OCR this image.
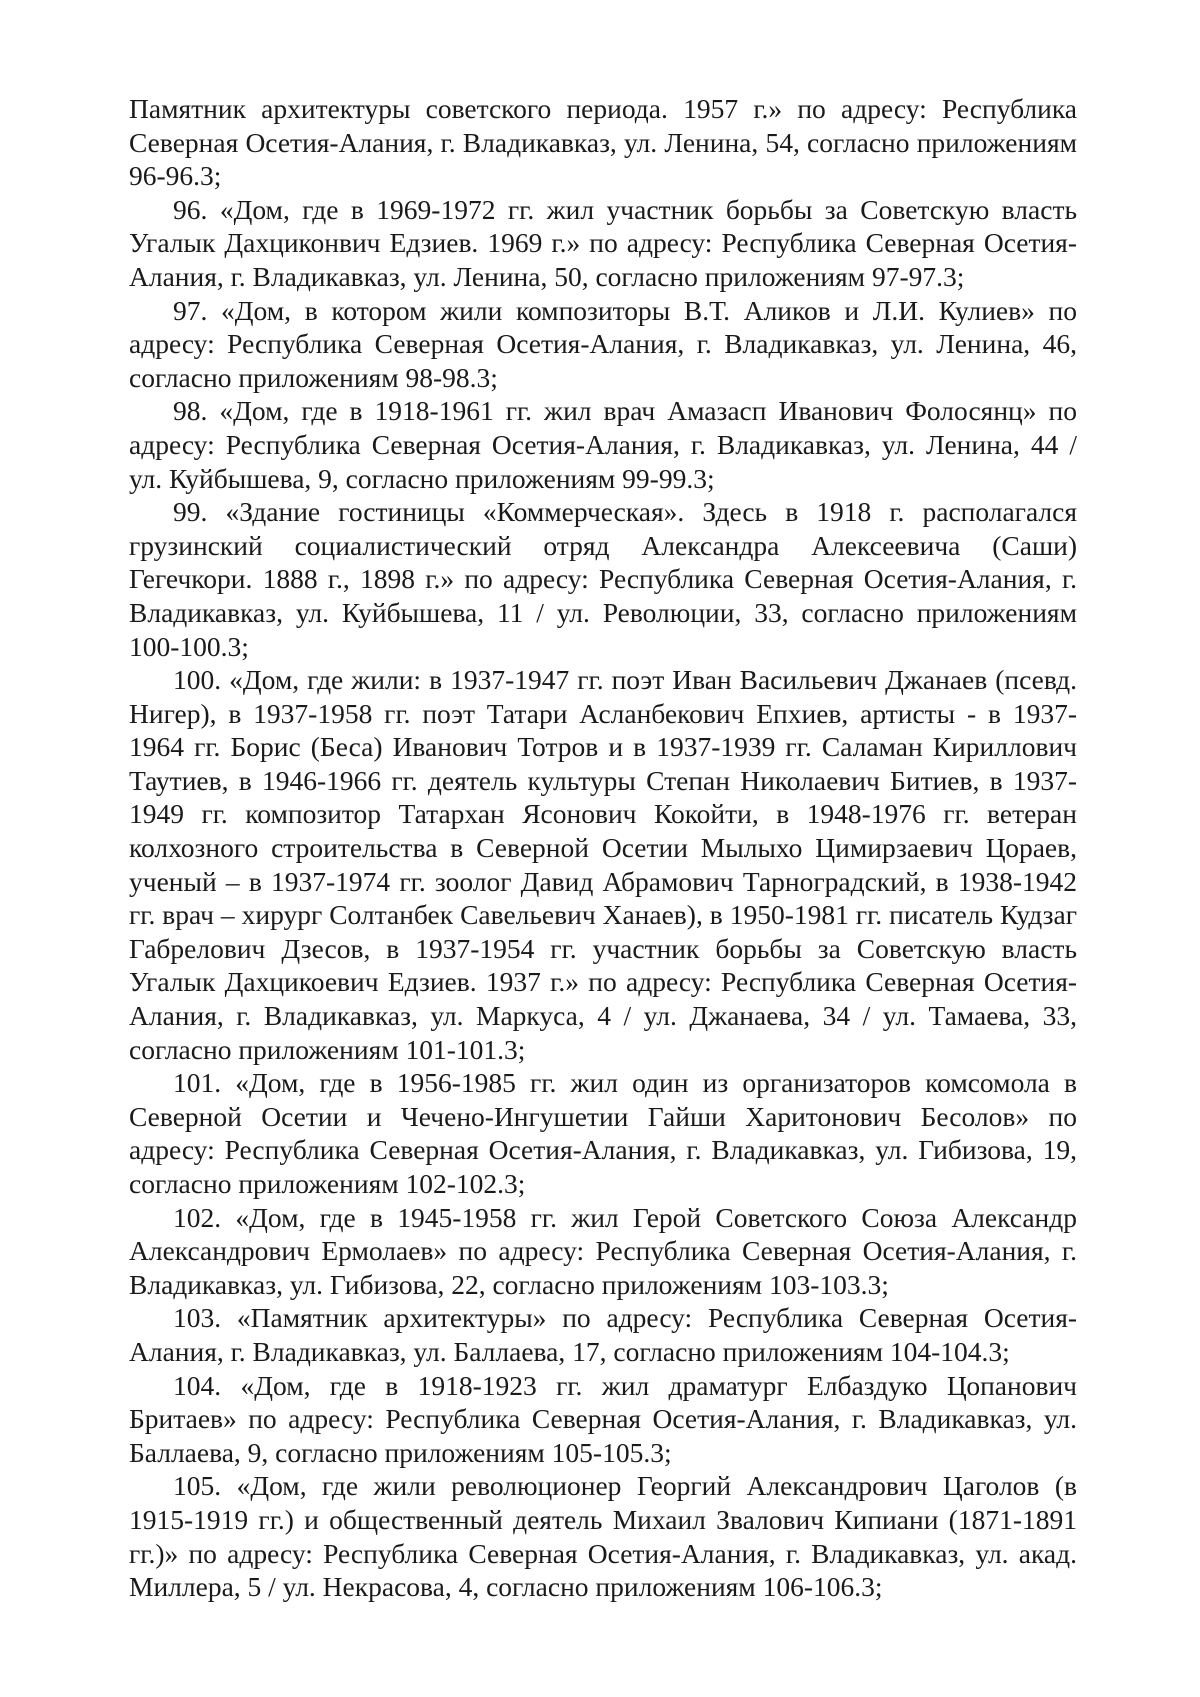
Памятник архитектуры советского периода. 1957 г.» по адресу: Республика Северная Осетия-Алания, г. Владикавказ, ул. Ленина, 54, согласно приложениям 96-96.3;

96. «Дом, где в 1969-1972 гг. жил участник борьбы за Советскую власть Угалык Дахциконвич Едзиев. 1969 г.» по адресу: Республика Северная Осетия-Алания, г. Владикавказ, ул. Ленина, 50, согласно приложениям 97-97.3;

97. «Дом, в котором жили композиторы В.Т. Аликов и Л.И. Кулиев» по адресу: Республика Северная Осетия-Алания, г. Владикавказ, ул. Ленина, 46, согласно приложениям 98-98.3;

98. «Дом, где в 1918-1961 гг. жил врач Амазасп Иванович Фолосянц» по адресу: Республика Северная Осетия-Алания, г. Владикавказ, ул. Ленина, 44 / ул. Куйбышева, 9, согласно приложениям 99-99.3;

99. «Здание гостиницы «Коммерческая». Здесь в 1918 г. располагался грузинский социалистический отряд Александра Алексеевича (Саши) Гегечкори. 1888 г., 1898 г.» по адресу: Республика Северная Осетия-Алания, г. Владикавказ, ул. Куйбышева, 11 / ул. Революции, 33, согласно приложениям 100-100.3;

100. «Дом, где жили: в 1937-1947 гг. поэт Иван Васильевич Джанаев (псевд. Нигер), в 1937-1958 гг. поэт Татари Асланбекович Епхиев, артисты - в 1937-1964 гг. Борис (Беса) Иванович Тотров и в 1937-1939 гг. Саламан Кириллович Таутиев, в 1946-1966 гг. деятель культуры Степан Николаевич Битиев, в 1937-1949 гг. композитор Татархан Ясонович Кокойти, в 1948-1976 гг. ветеран колхозного строительства в Северной Осетии Мылыхо Цимирзаевич Цораев, ученый – в 1937-1974 гг. зоолог Давид Абрамович Тарноградский, в 1938-1942 гг. врач – хирург Солтанбек Савельевич Ханаев), в 1950-1981 гг. писатель Кудзаг Габрелович Дзесов, в 1937-1954 гг. участник борьбы за Советскую власть Угалык Дахцикоевич Едзиев. 1937 г.» по адресу: Республика Северная Осетия-Алания, г. Владикавказ, ул. Маркуса, 4 / ул. Джанаева, 34 / ул. Тамаева, 33, согласно приложениям 101-101.3;

101. «Дом, где в 1956-1985 гг. жил один из организаторов комсомола в Северной Осетии и Чечено-Ингушетии Гайши Харитонович Бесолов» по адресу: Республика Северная Осетия-Алания, г. Владикавказ, ул. Гибизова, 19, согласно приложениям 102-102.3;

102. «Дом, где в 1945-1958 гг. жил Герой Советского Союза Александр Александрович Ермолаев» по адресу: Республика Северная Осетия-Алания, г. Владикавказ, ул. Гибизова, 22, согласно приложениям 103-103.3;

103. «Памятник архитектуры» по адресу: Республика Северная Осетия-Алания, г. Владикавказ, ул. Баллаева, 17, согласно приложениям 104-104.3;

104. «Дом, где в 1918-1923 гг. жил драматург Елбаздуко Цопанович Бритаев» по адресу: Республика Северная Осетия-Алания, г. Владикавказ, ул. Баллаева, 9, согласно приложениям 105-105.3;

105. «Дом, где жили революционер Георгий Александрович Цаголов (в 1915-1919 гг.) и общественный деятель Михаил Звалович Кипиани (1871-1891 гг.)» по адресу: Республика Северная Осетия-Алания, г. Владикавказ, ул. акад. Миллера, 5 / ул. Некрасова, 4, согласно приложениям 106-106.3;
